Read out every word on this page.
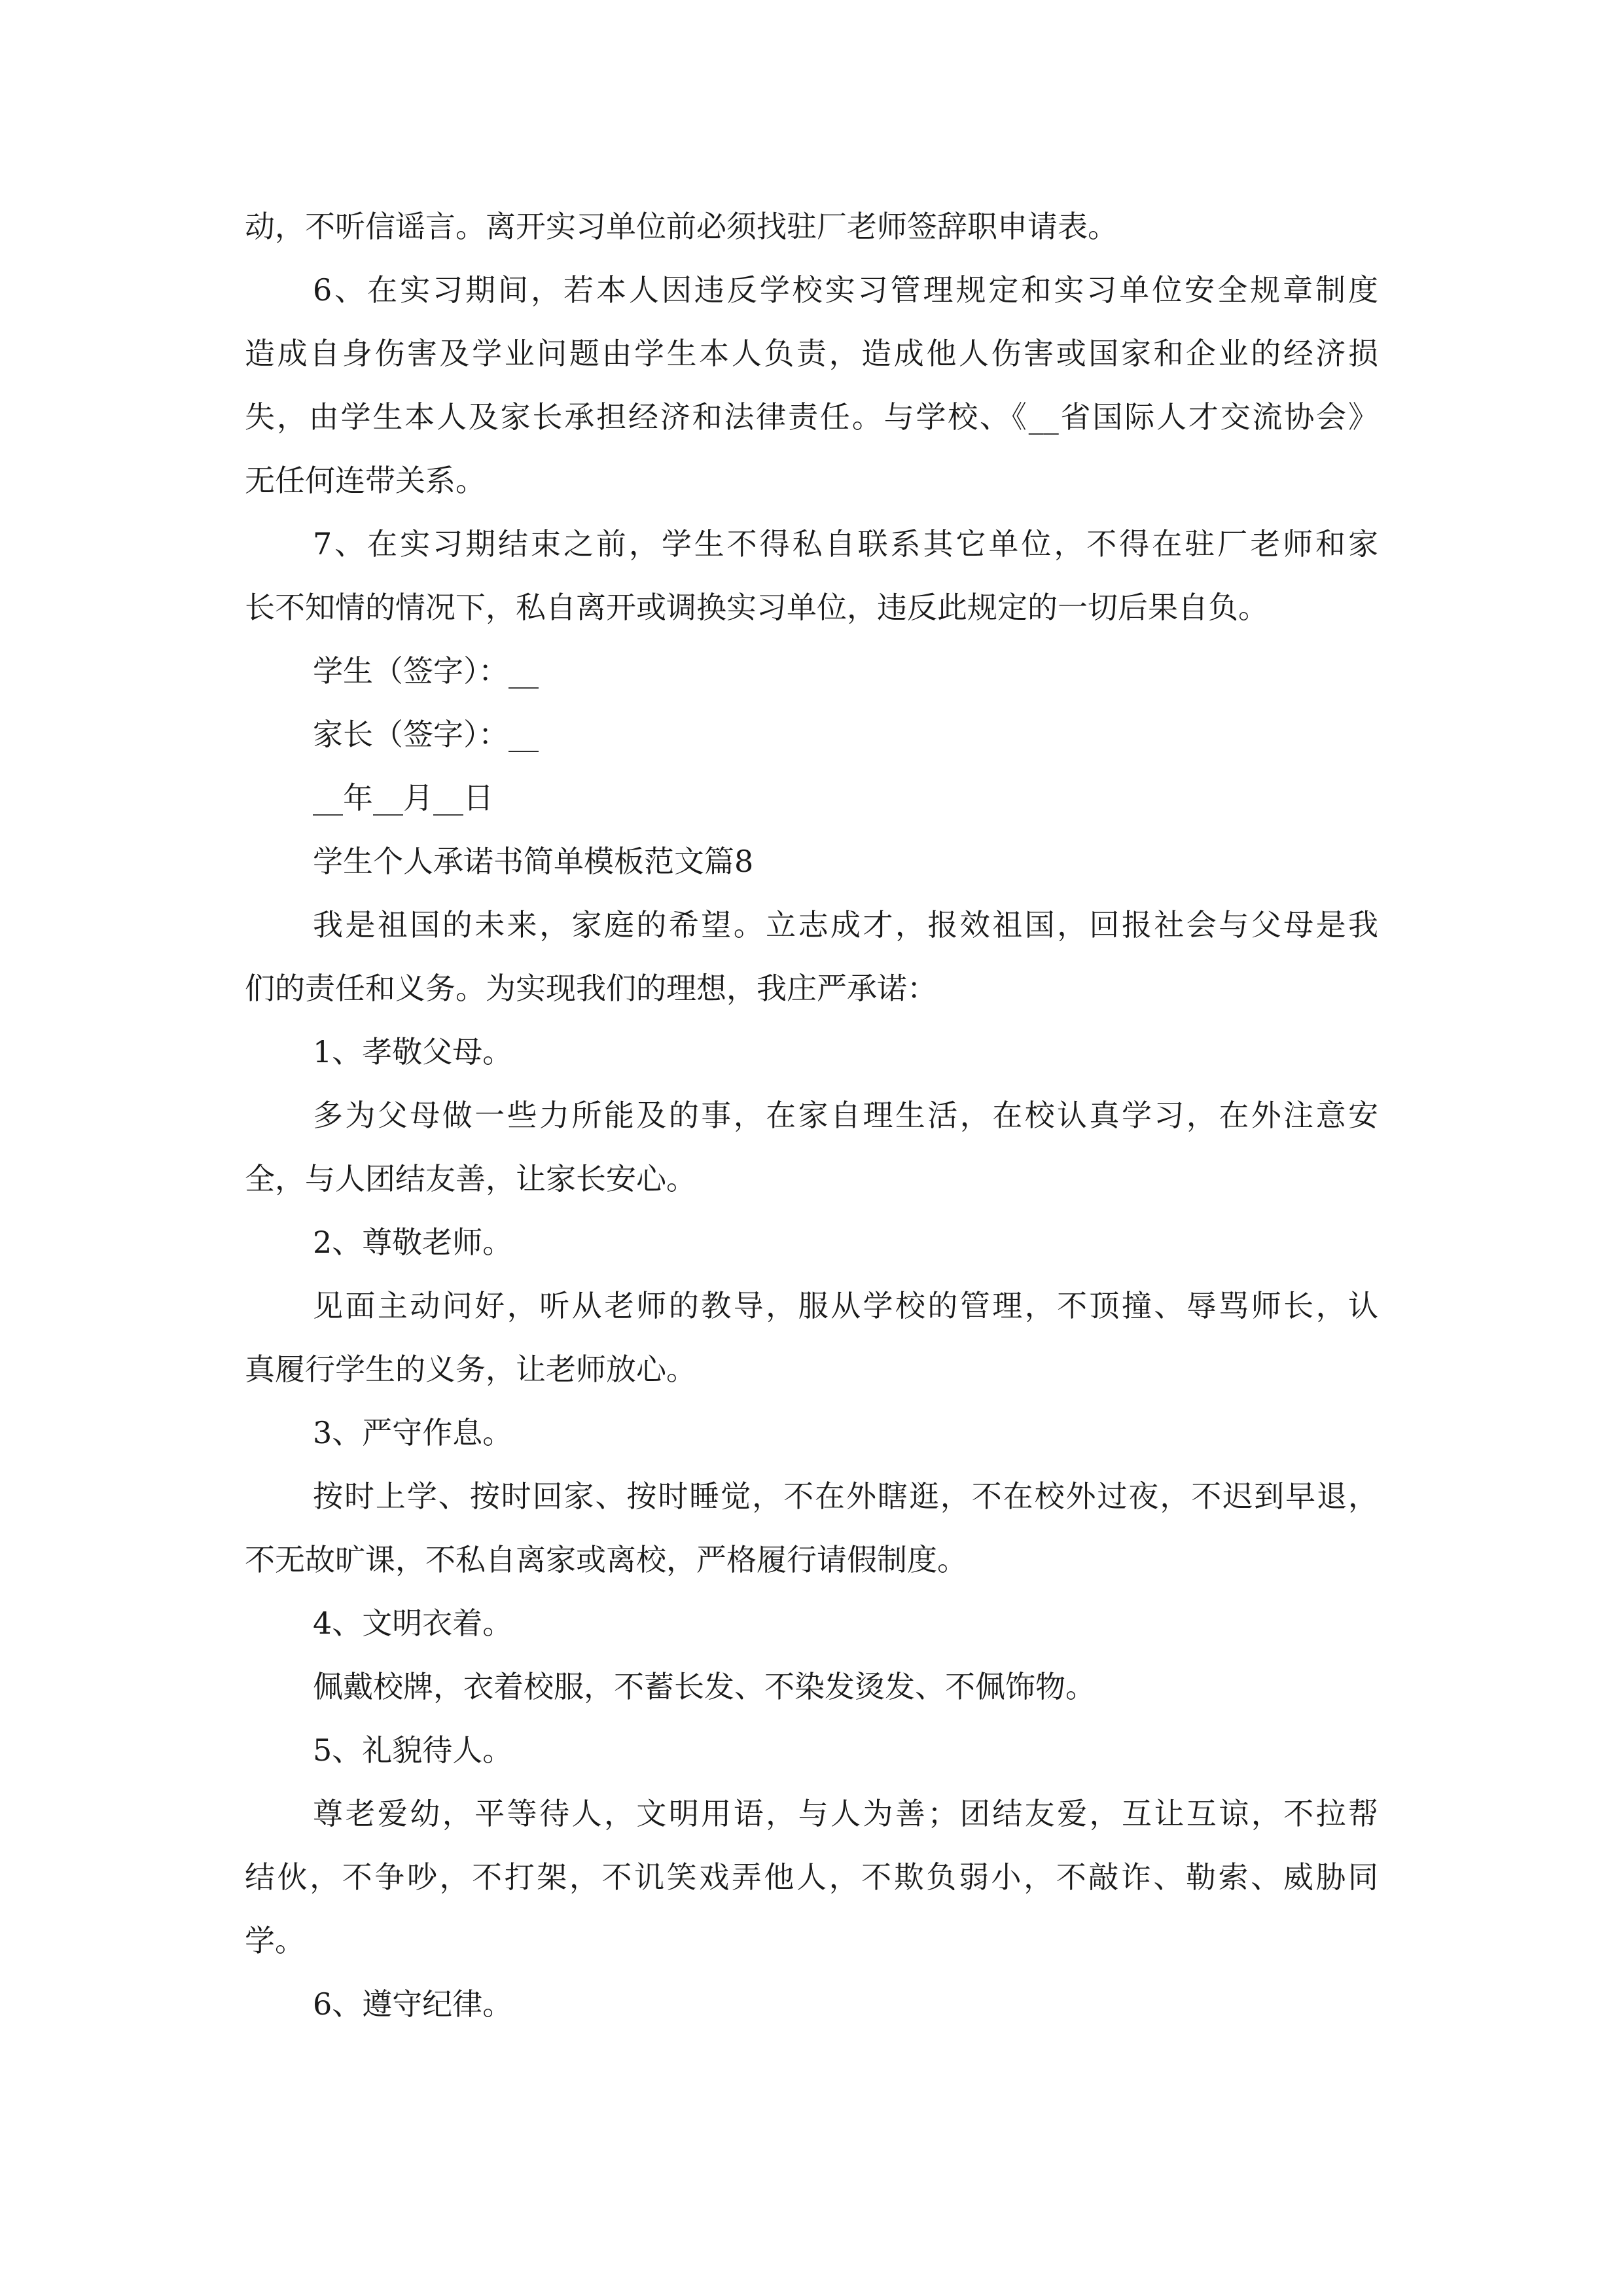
动，不听信谣言。离开实习单位前必须找驻厂老师签辞职申请表。
6、在实习期间，若本人因违反学校实习管理规定和实习单位安全规章制度
造成自身伤害及学业问题由学生本人负责，造成他人伤害或国家和企业的经济损
失，由学生本人及家长承担经济和法律责任。与学校、《__省国际人才交流协会》
无任何连带关系。
7、在实习期结束之前，学生不得私自联系其它单位，不得在驻厂老师和家
长不知情的情况下，私自离开或调换实习单位，违反此规定的一切后果自负。
学生（签字）：__
家长（签字）：__
__年__月__日
学生个人承诺书简单模板范文篇8
我是祖国的未来，家庭的希望。立志成才，报效祖国，回报社会与父母是我
们的责任和义务。为实现我们的理想，我庄严承诺：
1、孝敬父母。
多为父母做一些力所能及的事，在家自理生活，在校认真学习，在外注意安
全，与人团结友善，让家长安心。
2、尊敬老师。
见面主动问好，听从老师的教导，服从学校的管理，不顶撞、辱骂师长，认
真履行学生的义务，让老师放心。
3、严守作息。
按时上学、按时回家、按时睡觉，不在外瞎逛，不在校外过夜，不迟到早退，
不无故旷课，不私自离家或离校，严格履行请假制度。
4、文明衣着。
佩戴校牌，衣着校服，不蓄长发、不染发烫发、不佩饰物。
5、礼貌待人。
尊老爱幼，平等待人，文明用语，与人为善；团结友爱，互让互谅，不拉帮
结伙，不争吵，不打架，不讥笑戏弄他人，不欺负弱小，不敲诈、勒索、威胁同
学。
6、遵守纪律。
